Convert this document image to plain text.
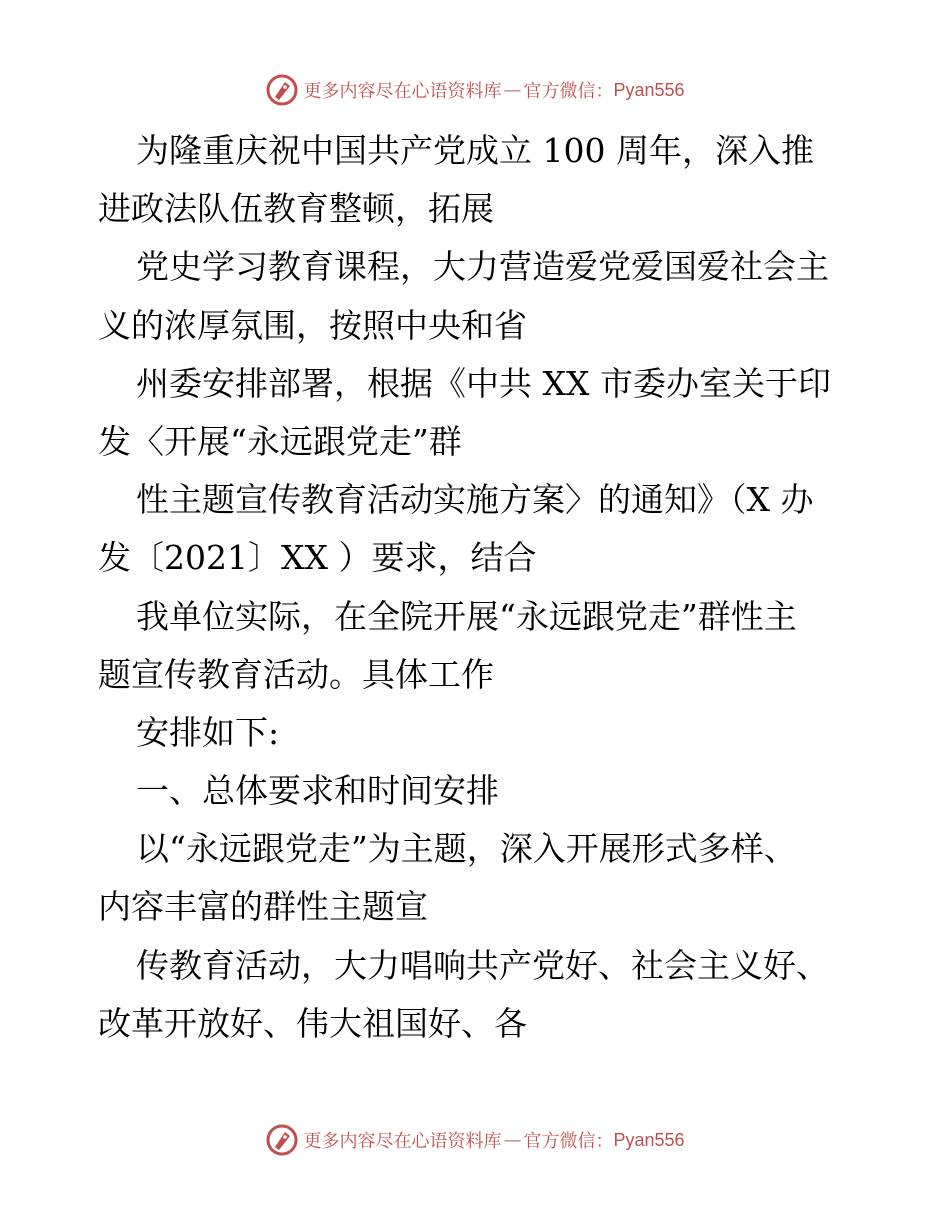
更多内容尽在心语资料库 — 官方微信： Pyan556
为隆重庆祝中国共产党成立 100 周年，深入推
进政法队伍教育整顿，拓展
党史学习教育课程，大力营造爱党爱国爱社会主
义的浓厚氛围，按照中央和省
州委安排部署，根据《中共 XX 市委办室关于印
发〈开展“永远跟党走”群
性主题宣传教育活动实施方案〉的通知》（X 办
发〔2021〕XX ）要求，结合
我单位实际，在全院开展“永远跟党走”群性主
题宣传教育活动。具体工作
安排如下:
一、总体要求和时间安排
以“永远跟党走”为主题，深入开展形式多样、
内容丰富的群性主题宣
传教育活动，大力唱响共产党好、社会主义好、
改革开放好、伟大祖国好、各
更多内容尽在心语资料库 — 官方微信： Pyan556
